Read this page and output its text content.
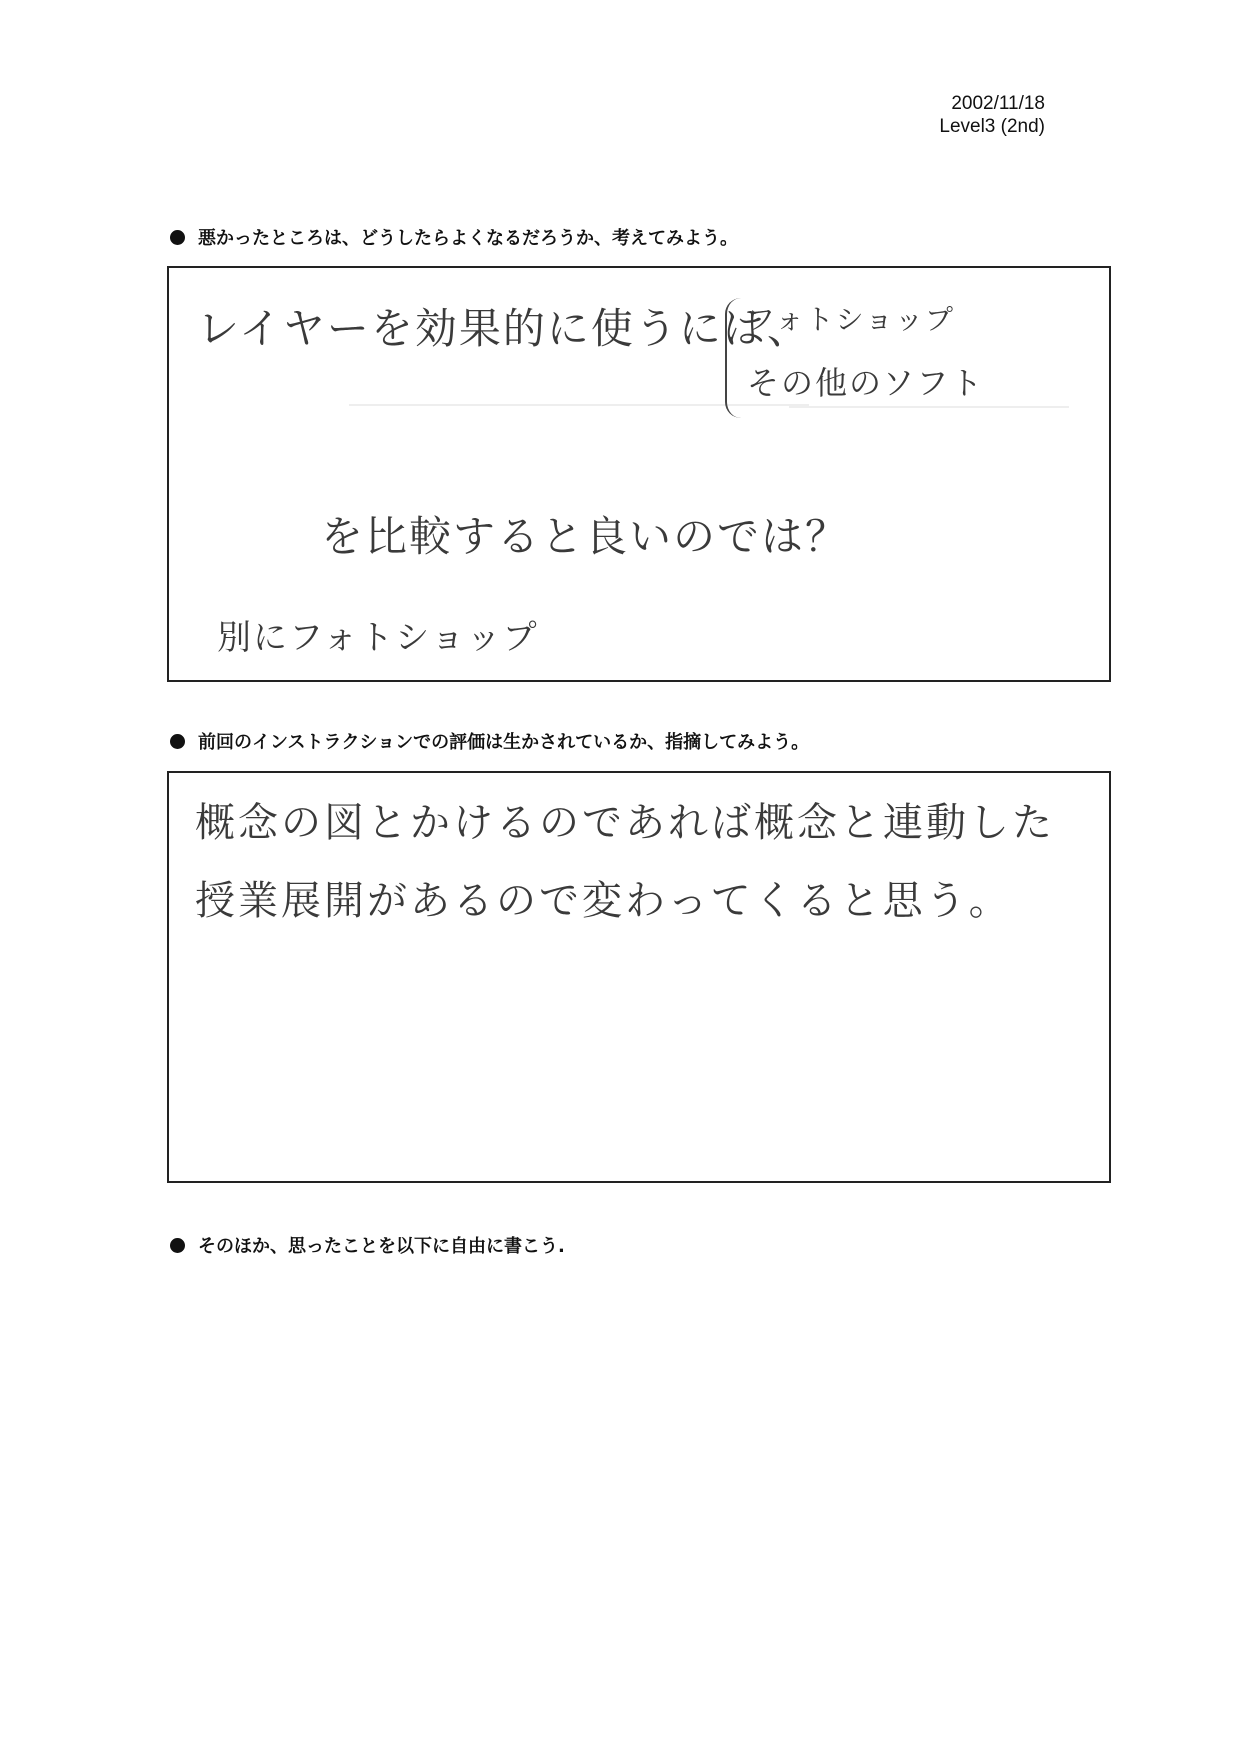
2002/11/18
Level3 (2nd)
悪かったところは、どうしたらよくなるだろうか、考えてみよう。
レイヤーを効果的に使うには、
フォトショップ
その他のソフト
を比較すると良いのでは？
別にフォトショップ
前回のインストラクションでの評価は生かされているか、指摘してみよう。
概念の図とかけるのであれば概念と連動した
授業展開があるので変わってくると思う。
そのほか、思ったことを以下に自由に書こう.
